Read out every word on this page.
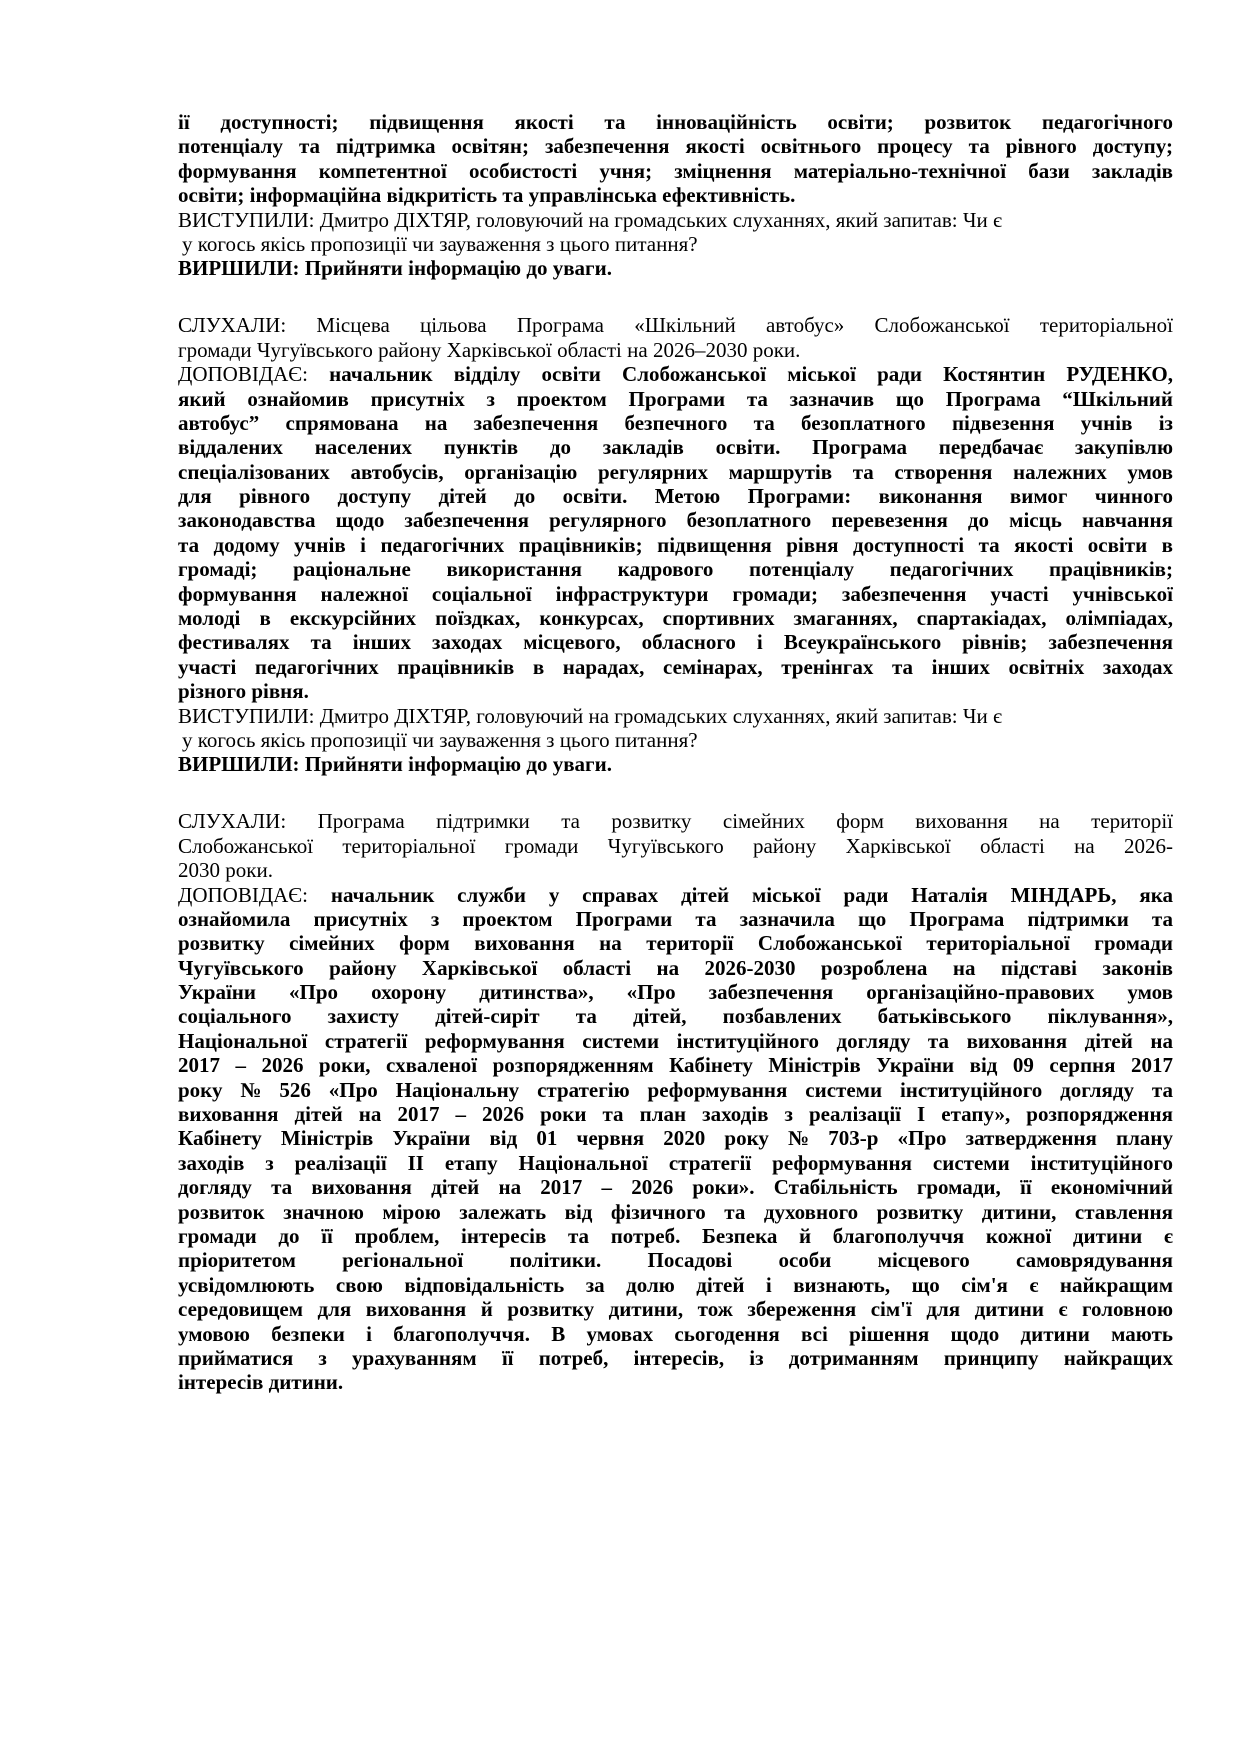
ії доступності; підвищення якості та інноваційність освіти; розвиток педагогічного
потенціалу та підтримка освітян; забезпечення якості освітнього процесу та рівного доступу;
формування компетентної особистості учня; зміцнення матеріально-технічної бази закладів
освіти; інформаційна відкритість та управлінська ефективність.
ВИСТУПИЛИ: Дмитро ДІХТЯР, головуючий на громадських слуханнях, який запитав: Чи є
у когось якісь пропозиції чи зауваження з цього питання?
ВИРШИЛИ: Прийняти інформацію до уваги.
СЛУХАЛИ: Місцева цільова Програма «Шкільний автобус» Слобожанської територіальної
громади Чугуївського району Харківської області на 2026–2030 роки.
ДОПОВІДАЄ: начальник відділу освіти Слобожанської міської ради Костянтин РУДЕНКО,
який ознайомив присутніх з проектом Програми та зазначив що Програма “Шкільний
автобус” спрямована на забезпечення безпечного та безоплатного підвезення учнів із
віддалених населених пунктів до закладів освіти. Програма передбачає закупівлю
спеціалізованих автобусів, організацію регулярних маршрутів та створення належних умов
для рівного доступу дітей до освіти. Метою Програми: виконання вимог чинного
законодавства щодо забезпечення регулярного безоплатного перевезення до місць навчання
та додому учнів і педагогічних працівників; підвищення рівня доступності та якості освіти в
громаді; раціональне використання кадрового потенціалу педагогічних працівників;
формування належної соціальної інфраструктури громади; забезпечення участі учнівської
молоді в екскурсійних поїздках, конкурсах, спортивних змаганнях, спартакіадах, олімпіадах,
фестивалях та інших заходах місцевого, обласного і Всеукраїнського рівнів; забезпечення
участі педагогічних працівників в нарадах, семінарах, тренінгах та інших освітніх заходах
різного рівня.
ВИСТУПИЛИ: Дмитро ДІХТЯР, головуючий на громадських слуханнях, який запитав: Чи є
у когось якісь пропозиції чи зауваження з цього питання?
ВИРШИЛИ: Прийняти інформацію до уваги.
СЛУХАЛИ: Програма підтримки та розвитку сімейних форм виховання на території
Слобожанської територіальної громади Чугуївського району Харківської області на 2026-
2030 роки.
ДОПОВІДАЄ: начальник служби у справах дітей міської ради Наталія МІНДАРЬ, яка
ознайомила присутніх з проектом Програми та зазначила що Програма підтримки та
розвитку сімейних форм виховання на території Слобожанської територіальної громади
Чугуївського району Харківської області на 2026-2030 розроблена на підставі законів
України «Про охорону дитинства», «Про забезпечення організаційно-правових умов
соціального захисту дітей-сиріт та дітей, позбавлених батьківського піклування»,
Національної стратегії реформування системи інституційного догляду та виховання дітей на
2017 – 2026 роки, схваленої розпорядженням Кабінету Міністрів України від 09 серпня 2017
року № 526 «Про Національну стратегію реформування системи інституційного догляду та
виховання дітей на 2017 – 2026 роки та план заходів з реалізації І етапу», розпорядження
Кабінету Міністрів України від 01 червня 2020 року № 703-р «Про затвердження плану
заходів з реалізації ІІ етапу Національної стратегії реформування системи інституційного
догляду та виховання дітей на 2017 – 2026 роки». Стабільність громади, її економічний
розвиток значною мірою залежать від фізичного та духовного розвитку дитини, ставлення
громади до її проблем, інтересів та потреб. Безпека й благополуччя кожної дитини є
пріоритетом регіональної політики. Посадові особи місцевого самоврядування
усвідомлюють свою відповідальність за долю дітей і визнають, що сім'я є найкращим
середовищем для виховання й розвитку дитини, тож збереження сім'ї для дитини є головною
умовою безпеки і благополуччя. В умовах сьогодення всі рішення щодо дитини мають
прийматися з урахуванням її потреб, інтересів, із дотриманням принципу найкращих
інтересів дитини.
